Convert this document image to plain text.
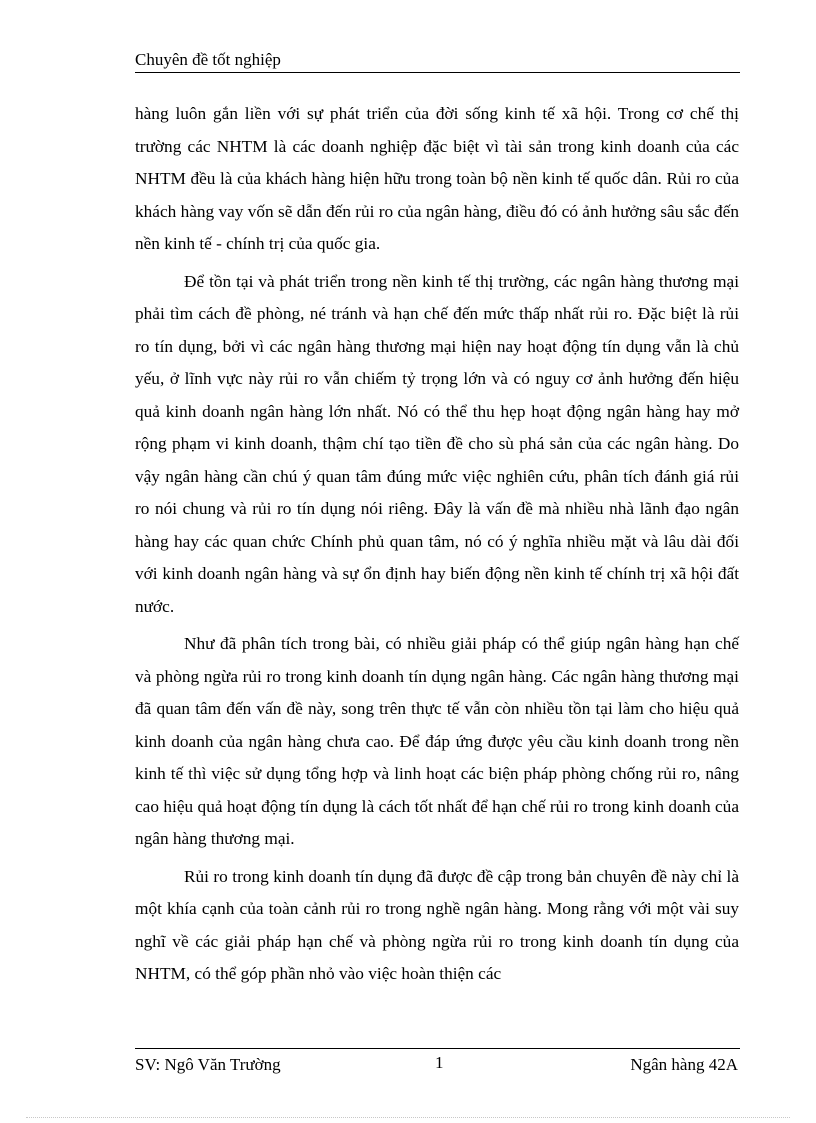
Chuyên đề tốt nghiệp

hàng luôn gắn liền với sự phát triển của đời sống kinh tế xã hội. Trong cơ chế thị trường các NHTM là các doanh nghiệp đặc biệt vì tài sản trong kinh doanh của các NHTM đều là của khách hàng hiện hữu trong toàn bộ nền kinh tế quốc dân. Rủi ro của khách hàng vay vốn sẽ dẫn đến rủi ro của ngân hàng, điều đó có ảnh hưởng sâu sắc đến nền kinh tế - chính trị của quốc gia.

Để tồn tại và phát triển trong nền kinh tế thị trường, các ngân hàng thương mại phải tìm cách đề phòng, né tránh và hạn chế đến mức thấp nhất rủi ro. Đặc biệt là rủi ro tín dụng, bởi vì các ngân hàng thương mại hiện nay hoạt động tín dụng vẫn là chủ yếu, ở lĩnh vực này rủi ro vẫn chiếm tỷ trọng lớn và có nguy cơ ảnh hưởng đến hiệu quả kinh doanh ngân hàng lớn nhất. Nó có thể thu hẹp hoạt động ngân hàng hay mở rộng phạm vi kinh doanh, thậm chí tạo tiền đề cho sù phá sản của các ngân hàng. Do vậy ngân hàng cần chú ý quan tâm đúng mức việc nghiên cứu, phân tích đánh giá rủi ro nói chung và rủi ro tín dụng nói riêng. Đây là vấn đề mà nhiều nhà lãnh đạo ngân hàng hay các quan chức Chính phủ quan tâm, nó có ý nghĩa nhiều mặt và lâu dài đối với kinh doanh ngân hàng và sự ổn định hay biến động nền kinh tế chính trị xã hội đất nước.

Như đã phân tích trong bài, có nhiều giải pháp có thể giúp ngân hàng hạn chế và phòng ngừa rủi ro trong kinh doanh tín dụng ngân hàng. Các ngân hàng thương mại đã quan tâm đến vấn đề này, song trên thực tế vẫn còn nhiều tồn tại làm cho hiệu quả kinh doanh của ngân hàng chưa cao. Để đáp ứng được yêu cầu kinh doanh trong nền kinh tế thì việc sử dụng tổng hợp và linh hoạt các biện pháp phòng chống rủi ro, nâng cao hiệu quả hoạt động tín dụng là cách tốt nhất để hạn chế rủi ro trong kinh doanh của ngân hàng thương mại.

Rủi ro trong kinh doanh tín dụng đã được đề cập trong bản chuyên đề này chỉ là một khía cạnh của toàn cảnh rủi ro trong nghề ngân hàng. Mong rằng với một vài suy nghĩ về các giải pháp hạn chế và phòng ngừa rủi ro trong kinh doanh tín dụng của NHTM, có thể góp phần nhỏ vào việc hoàn thiện các

SV: Ngô Văn Trường	1	Ngân hàng 42A
